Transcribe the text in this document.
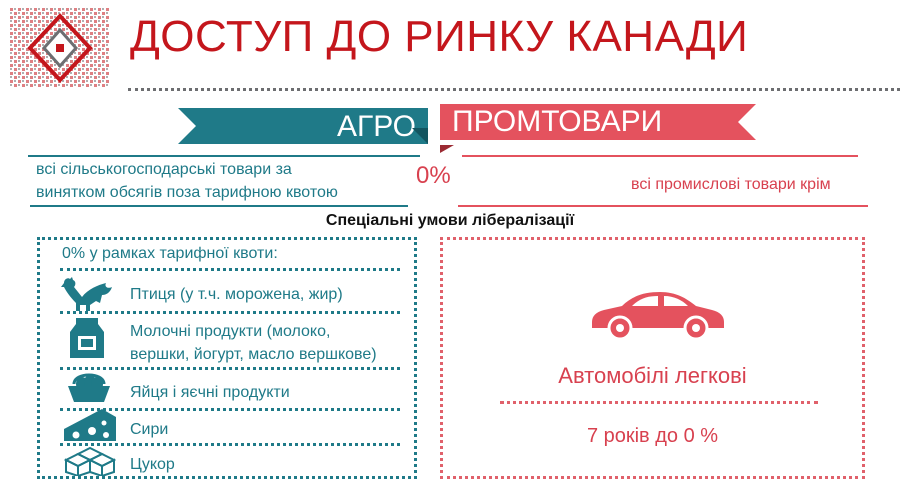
ДОСТУП ДО РИНКУ КАНАДИ
АГРО ПРОМТОВАРИ
всі сільськогосподарські товари за
винятком обсягів поза тарифною квотою
0%	всі промислові товари крім
Спеціальні умови лібералізації
0% у рамках тарифної квоти:
Птиця (у т.ч. морожена, жир)
Молочні продукти (молоко,
вершки, йогурт, масло вершкове)
Яйця і яєчні продукти
Сири
Цукор
Автомобілі легкові
7 років до 0 %
